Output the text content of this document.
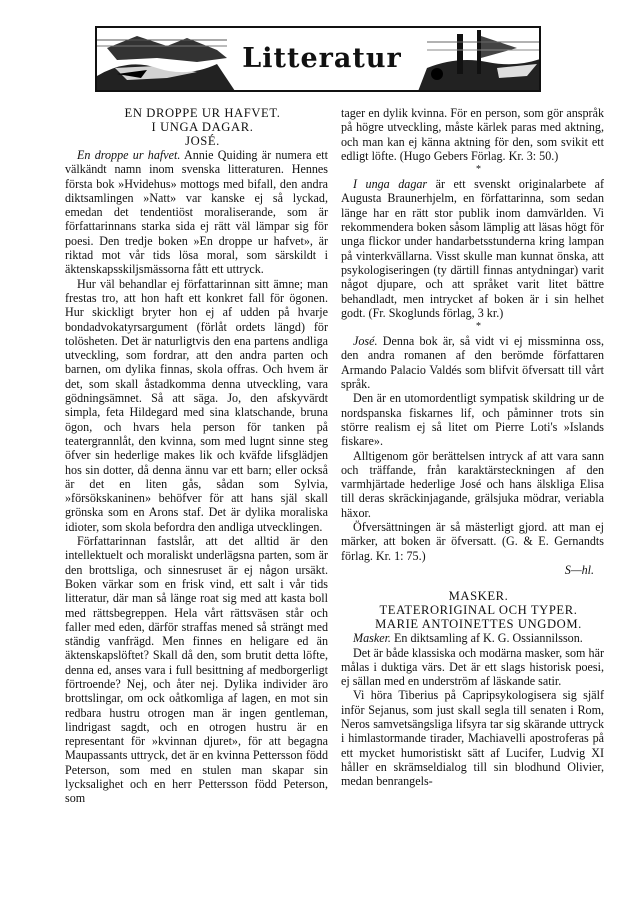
Litteratur

EN DROPPE UR HAFVET.

I UNGA DAGAR.

JOSÉ.

En droppe ur hafvet. Annie Quiding är numera ett välkändt namn inom svenska litteraturen. Hennes första bok »Hvidehus» mottogs med bifall, den andra diktsamlingen »Natt» var kanske ej så lyckad, emedan det tendentiöst moraliserande, som är författarinnans starka sida ej rätt väl lämpar sig för poesi. Den tredje boken »En droppe ur hafvet», är riktad mot vår tids lösa moral, som särskildt i äktenskapsskiljsmässorna fått ett uttryck.

Hur väl behandlar ej författarinnan sitt ämne; man frestas tro, att hon haft ett konkret fall för ögonen. Hur skickligt bryter hon ej af udden på hvarje bondadvokatyrsargument (förlåt ordets längd) för tolösheten. Det är naturligtvis den ena partens andliga utveckling, som fordrar, att den andra parten och barnen, om dylika finnas, skola offras. Och hvem är det, som skall åstadkomma denna utveckling, vara gödningsämnet. Så att säga. Jo, den afskyvärdt simpla, feta Hildegard med sina klatschande, bruna ögon, och hvars hela person för tanken på teatergrannlåt, den kvinna, som med lugnt sinne steg öfver sin hederlige makes lik och kväfde lifsglädjen hos sin dotter, då denna ännu var ett barn; eller också är det en liten gås, sådan som Sylvia, »försökskaninen» behöfver för att hans själ skall grönska som en Arons staf. Det är dylika moraliska idioter, som skola befordra den andliga utvecklingen.

Författarinnan fastslår, att det alltid är den intellektuelt och moraliskt underlägsna parten, som är den brottsliga, och sinnesruset är ej någon ursäkt. Boken värkar som en frisk vind, ett salt i vår tids litteratur, där man så länge roat sig med att kasta boll med rättsbegreppen. Hela vårt rättsväsen står och faller med eden, därför straffas mened så strängt med ständig vanfrägd. Men finnes en heligare ed än äktenskapslöftet? Skall då den, som brutit detta löfte, denna ed, anses vara i full besittning af medborgerligt förtroende? Nej, och åter nej. Dylika individer äro brottslingar, om ock oåtkomliga af lagen, en mot sin redbara hustru otrogen man är ingen gentleman, lindrigast sagdt, och en otrogen hustru är en representant för »kvinnan djuret», för att begagna Maupassants uttryck, det är en kvinna Pettersson född Peterson, som med en stulen man skapar sin lycksalighet och en herr Pettersson född Peterson, som

tager en dylik kvinna. För en person, som gör anspråk på högre utveckling, måste kärlek paras med aktning, och man kan ej känna aktning för den, som svikit ett edligt löfte. (Hugo Gebers Förlag. Kr. 3: 50.)

*

I unga dagar är ett svenskt originalarbete af Augusta Braunerhjelm, en författarinna, som sedan länge har en rätt stor publik inom damvärlden. Vi rekommendera boken såsom lämplig att läsas högt för unga flickor under handarbetsstunderna kring lampan på vinterkvällarna. Visst skulle man kunnat önska, att psykologiseringen (ty därtill finnas antydningar) varit något djupare, och att språket varit litet bättre behandladt, men intrycket af boken är i sin helhet godt. (Fr. Skoglunds förlag, 3 kr.)

*

José. Denna bok är, så vidt vi ej missminna oss, den andra romanen af den berömde författaren Armando Palacio Valdés som blifvit öfversatt till vårt språk.

Den är en utomordentligt sympatisk skildring ur de nordspanska fiskarnes lif, och påminner trots sin större realism ej så litet om Pierre Loti's »Islands fiskare».

Alltigenom gör berättelsen intryck af att vara sann och träffande, från karaktärsteckningen af den varmhjärtade hederlige José och hans älskliga Elisa till deras skräckinjagande, grälsjuka mödrar, veriabla häxor.

Öfversättningen är så mästerligt gjord. att man ej märker, att boken är öfversatt. (G. & E. Gernandts förlag. Kr. 1: 75.)

S—hl.

MASKER.

TEATERORIGINAL OCH TYPER.

MARIE ANTOINETTES UNGDOM.

Masker. En diktsamling af K. G. Ossiannilsson.

Det är både klassiska och modärna masker, som här målas i duktiga värs. Det är ett slags historisk poesi, ej sällan med en underström af läskande satir.

Vi höra Tiberius på Capripsykologisera sig själf inför Sejanus, som just skall segla till senaten i Rom, Neros samvetsängsliga lifsyra tar sig skärande uttryck i himlastormande tirader, Machiavelli apostroferas på ett mycket humoristiskt sätt af Lucifer, Ludvig XI håller en skrämseldialog till sin blodhund Olivier, medan benrangels-
